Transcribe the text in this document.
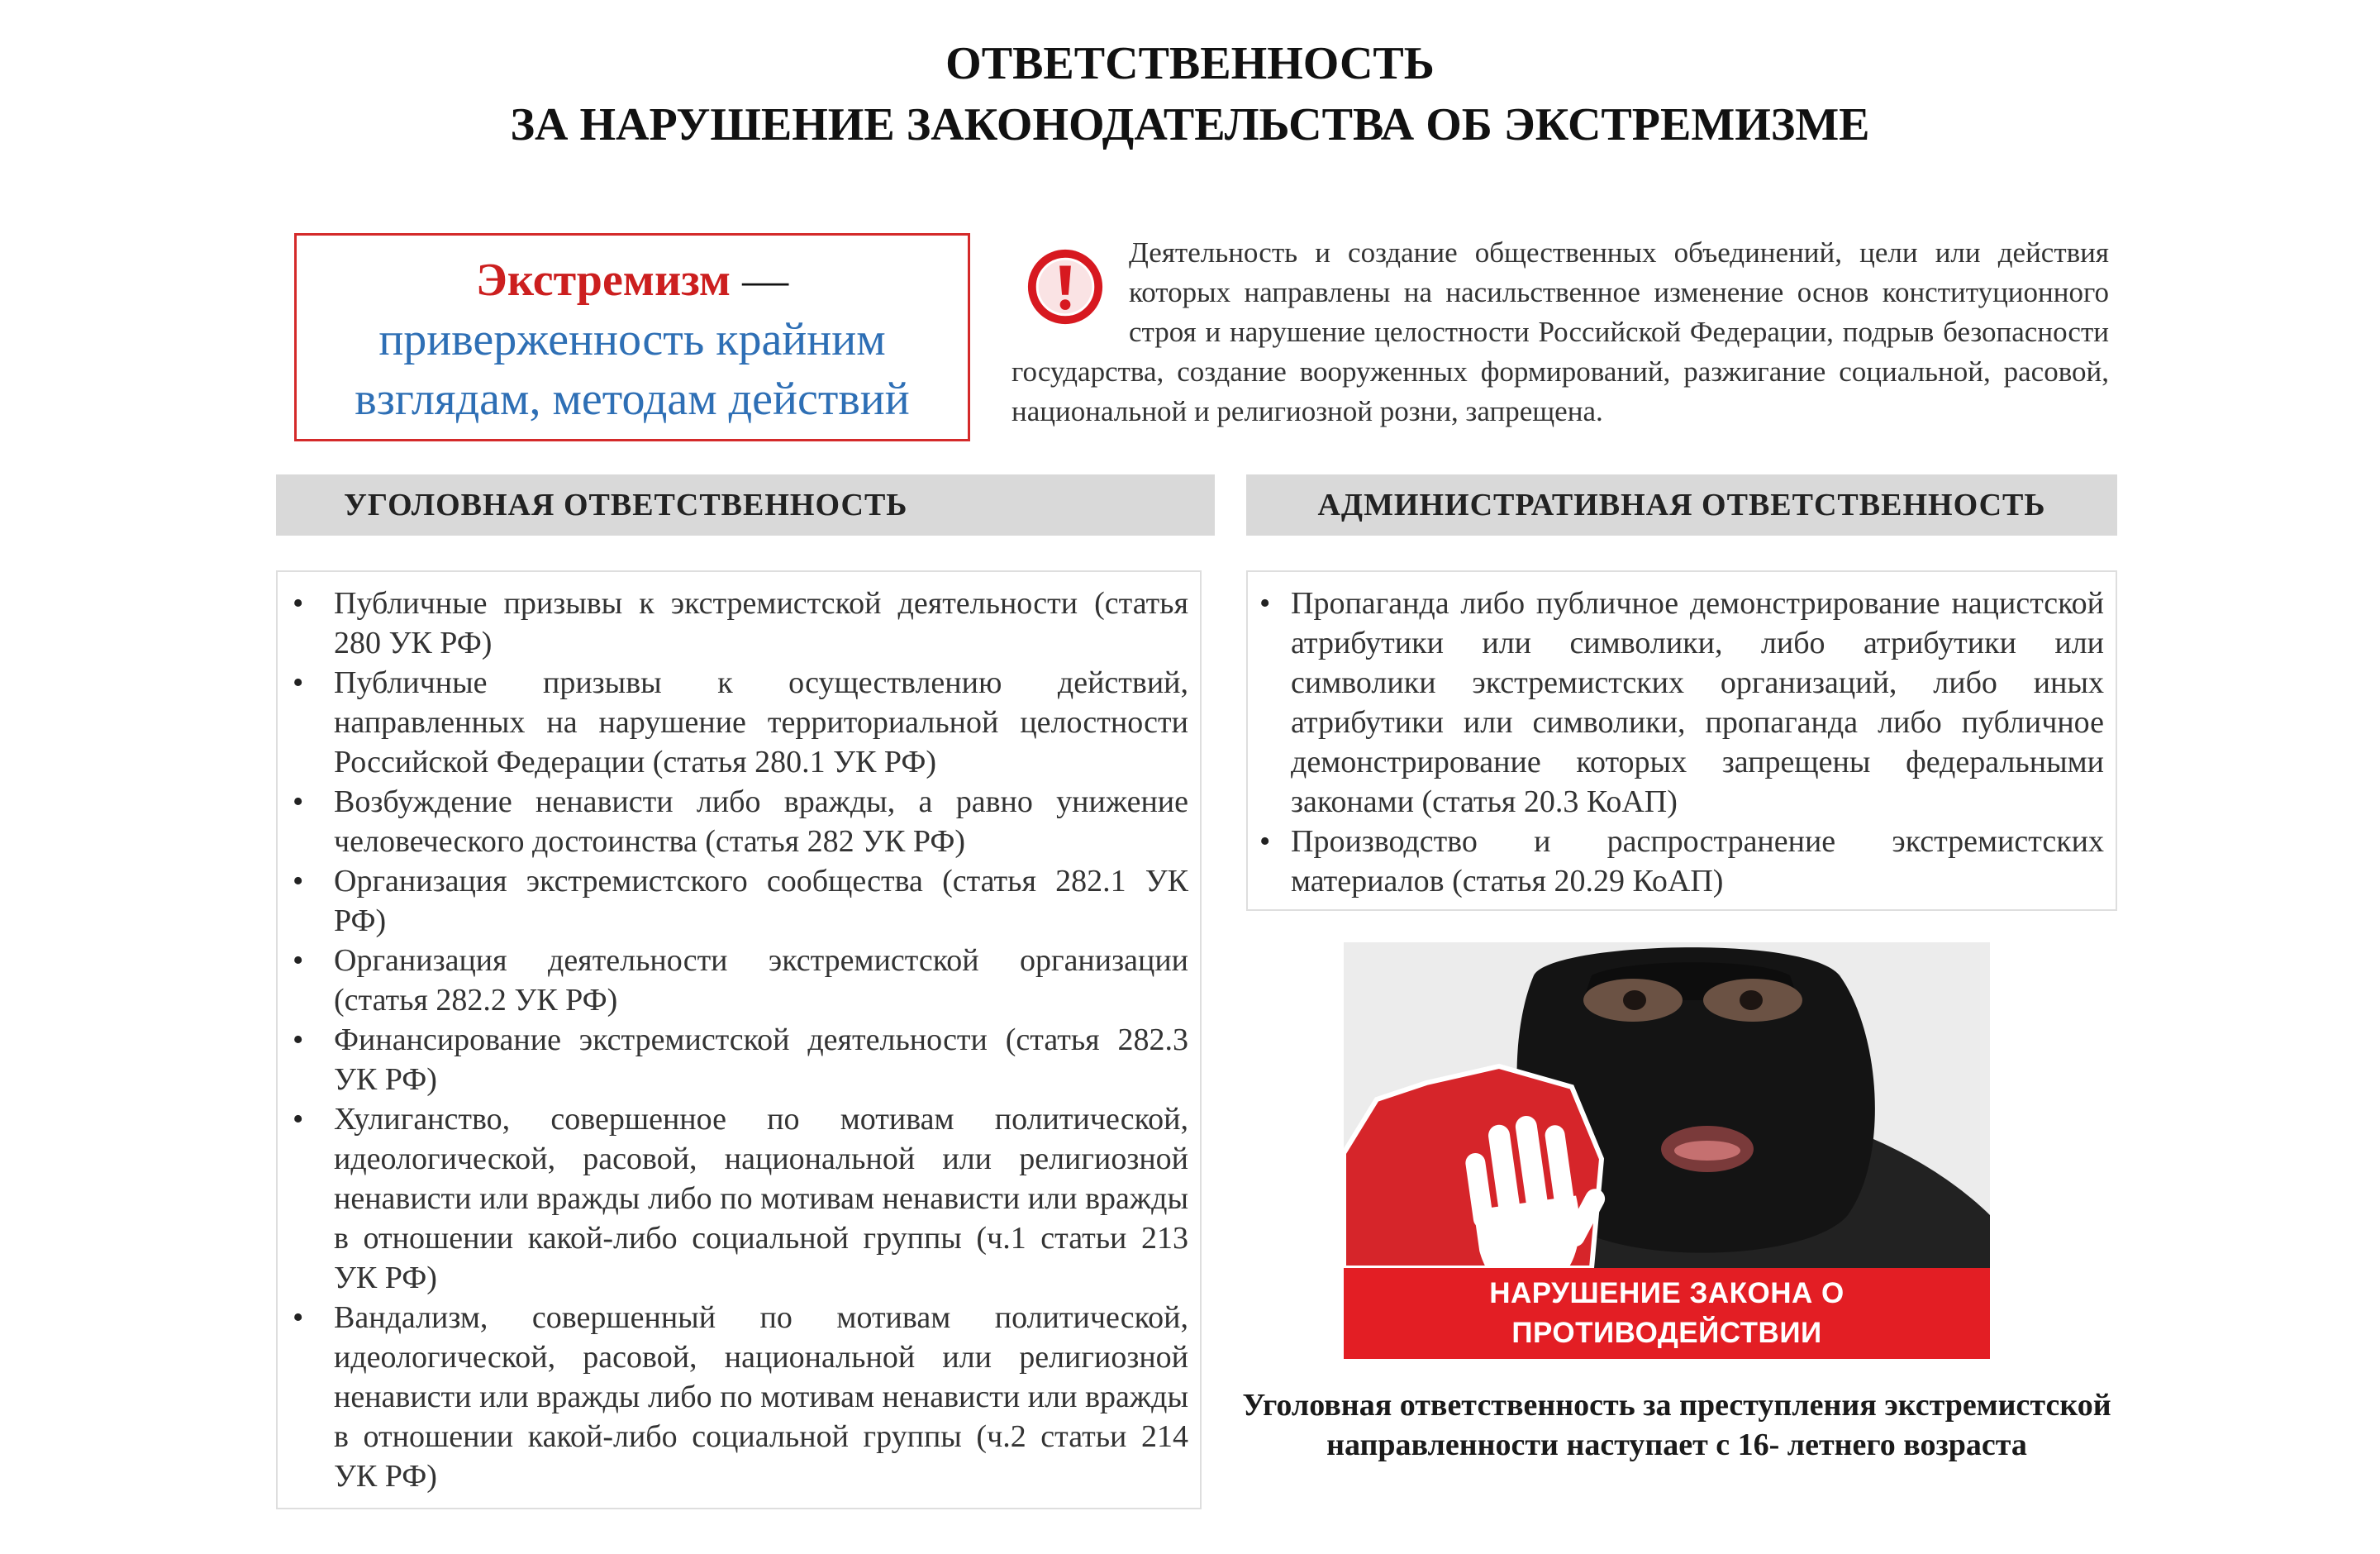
ОТВЕТСТВЕННОСТЬ
ЗА НАРУШЕНИЕ ЗАКОНОДАТЕЛЬСТВА ОБ ЭКСТРЕМИЗМЕ
Экстремизм —
приверженность крайним взглядам, методам действий
Деятельность и создание общественных объединений, цели или действия которых направлены на насильственное изменение основ конституционного строя и нарушение целостности Российской Федерации, подрыв безопасности государства, создание вооруженных формирований, разжигание социальной, расовой, национальной и религиозной розни, запрещена.
УГОЛОВНАЯ ОТВЕТСТВЕННОСТЬ	АДМИНИСТРАТИВНАЯ ОТВЕТСТВЕННОСТЬ
• Публичные призывы к экстремистской деятельности (статья 280 УК РФ)
• Публичные призывы к осуществлению действий, направленных на нарушение территориальной целостности Российской Федерации (статья 280.1 УК РФ)
• Возбуждение ненависти либо вражды, а равно унижение человеческого достоинства (статья 282 УК РФ)
• Организация экстремистского сообщества (статья 282.1 УК РФ)
• Организация деятельности экстремистской организации (статья 282.2 УК РФ)
• Финансирование экстремистской деятельности (статья 282.3 УК РФ)
• Хулиганство, совершенное по мотивам политической, идеологической, расовой, национальной или религиозной ненависти или вражды либо по мотивам ненависти или вражды в отношении какой-либо социальной группы (ч.1 статьи 213 УК РФ)
• Вандализм, совершенный по мотивам политической, идеологической, расовой, национальной или религиозной ненависти или вражды либо по мотивам ненависти или вражды в отношении какой-либо социальной группы (ч.2 статьи 214 УК РФ)
• Пропаганда либо публичное демонстрирование нацистской атрибутики или символики, либо атрибутики или символики экстремистских организаций, либо иных атрибутики или символики, пропаганда либо публичное демонстрирование которых запрещены федеральными законами (статья 20.3 КоАП)
• Производство и распространение экстремистских материалов (статья 20.29 КоАП)
НАРУШЕНИЕ ЗАКОНА О ПРОТИВОДЕЙСТВИИ
ЭКСТРЕМИЗМУ И ТЕРРОРИЗМУ
Уголовная ответственность за преступления экстремистской направленности наступает с 16- летнего возраста
